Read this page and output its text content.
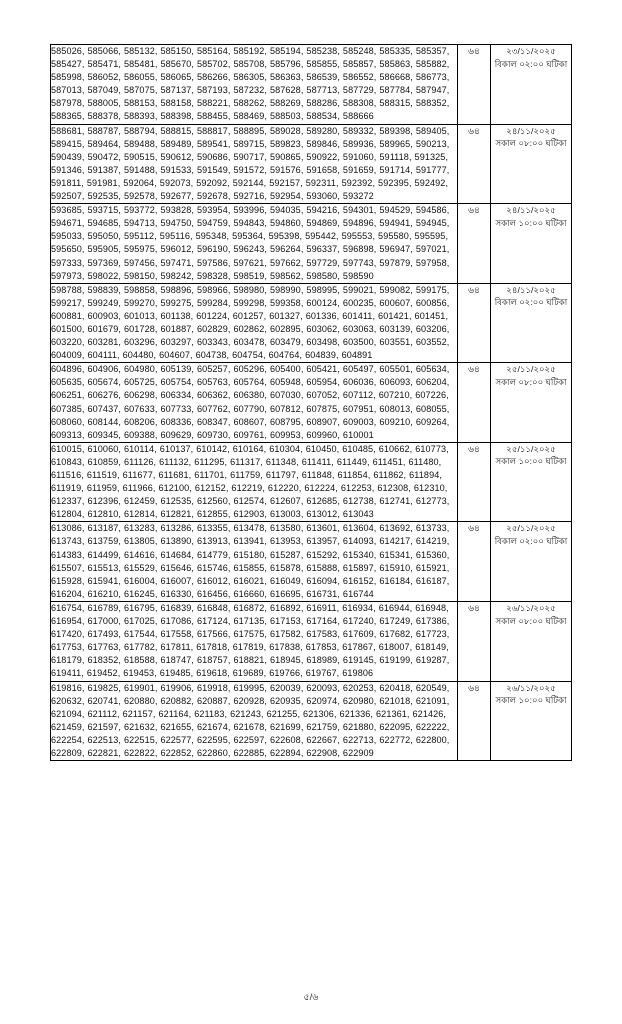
585026, 585066, 585132, 585150, 585164, 585192, 585194, 585238, 585248, 585335, 585357, 585427, 585471, 585481, 585670, 585702, 585708, 585796, 585855, 585857, 585863, 585882, 585998, 586052, 586055, 586065, 586266, 586305, 586363, 586539, 586552, 586668, 586773, 587013, 587049, 587075, 587137, 587193, 587232, 587628, 587713, 587729, 587784, 587947, 587978, 588005, 588153, 588158, 588221, 588262, 588269, 588286, 588308, 588315, 588352, 588365, 588378, 588393, 588398, 588455, 588469, 588503, 588534, 588666	৬৪	২৩/১১/২০২৫
বিকাল ০২:০০ ঘটিকা

588681, 588787, 588794, 588815, 588817, 588895, 589028, 589280, 589332, 589398, 589405, 589415, 589464, 589488, 589489, 589541, 589715, 589823, 589846, 589936, 589965, 590213, 590439, 590472, 590515, 590612, 590686, 590717, 590865, 590922, 591060, 591118, 591325, 591346, 591387, 591488, 591533, 591549, 591572, 591576, 591658, 591659, 591714, 591777, 591811, 591981, 592064, 592073, 592092, 592144, 592157, 592311, 592392, 592395, 592492, 592507, 592535, 592578, 592677, 592678, 592716, 592954, 593060, 593272	৬৪	২৪/১১/২০২৫
সকাল ০৮:০০ ঘটিকা

593685, 593715, 593772, 593828, 593954, 593996, 594035, 594216, 594301, 594529, 594586, 594671, 594685, 594713, 594750, 594759, 594843, 594860, 594869, 594896, 594941, 594945, 595033, 595050, 595112, 595116, 595348, 595364, 595398, 595442, 595553, 595580, 595595, 595650, 595905, 595975, 596012, 596190, 596243, 596264, 596337, 596898, 596947, 597021, 597333, 597369, 597456, 597471, 597586, 597621, 597662, 597729, 597743, 597879, 597958, 597973, 598022, 598150, 598242, 598328, 598519, 598562, 598580, 598590	৬৪	২৪/১১/২০২৫
সকাল ১০:০০ ঘটিকা

598788, 598839, 598858, 598896, 598966, 598980, 598990, 598995, 599021, 599082, 599175, 599217, 599249, 599270, 599275, 599284, 599298, 599358, 600124, 600235, 600607, 600856, 600881, 600903, 601013, 601138, 601224, 601257, 601327, 601336, 601411, 601421, 601451, 601500, 601679, 601728, 601887, 602829, 602862, 602895, 603062, 603063, 603139, 603206, 603220, 603281, 603296, 603297, 603343, 603478, 603479, 603498, 603500, 603551, 603552, 604009, 604111, 604480, 604607, 604738, 604754, 604764, 604839, 604891	৬৪	২৪/১১/২০২৫
বিকাল ০২:০০ ঘটিকা

604896, 604906, 604980, 605139, 605257, 605296, 605400, 605421, 605497, 605501, 605634, 605635, 605674, 605725, 605754, 605763, 605764, 605948, 605954, 606036, 606093, 606204, 606251, 606276, 606298, 606334, 606362, 606380, 607030, 607052, 607112, 607210, 607226, 607385, 607437, 607633, 607733, 607762, 607790, 607812, 607875, 607951, 608013, 608055, 608060, 608144, 608206, 608336, 608347, 608607, 608795, 608907, 609003, 609210, 609264, 609313, 609345, 609388, 609629, 609730, 609761, 609953, 609960, 610001	৬৪	২৫/১১/২০২৫
সকাল ০৮:০০ ঘটিকা

610015, 610060, 610114, 610137, 610142, 610164, 610304, 610450, 610485, 610662, 610773, 610843, 610859, 611126, 611132, 611295, 611317, 611348, 611411, 611449, 611451, 611480, 611516, 611519, 611677, 611681, 611701, 611759, 611797, 611848, 611854, 611862, 611894, 611919, 611959, 611966, 612100, 612152, 612219, 612220, 612224, 612253, 612308, 612310, 612337, 612396, 612459, 612535, 612560, 612574, 612607, 612685, 612738, 612741, 612773, 612804, 612810, 612814, 612821, 612855, 612903, 613003, 613012, 613043	৬৪	২৫/১১/২০২৫
সকাল ১০:০০ ঘটিকা

613086, 613187, 613283, 613286, 613355, 613478, 613580, 613601, 613604, 613692, 613733, 613743, 613759, 613805, 613890, 613913, 613941, 613953, 613957, 614093, 614217, 614219, 614383, 614499, 614616, 614684, 614779, 615180, 615287, 615292, 615340, 615341, 615360, 615507, 615513, 615529, 615646, 615746, 615855, 615878, 615888, 615897, 615910, 615921, 615928, 615941, 616004, 616007, 616012, 616021, 616049, 616094, 616152, 616184, 616187, 616204, 616210, 616245, 616330, 616456, 616660, 616695, 616731, 616744	৬৪	২৫/১১/২০২৫
বিকাল ০২:০০ ঘটিকা

616754, 616789, 616795, 616839, 616848, 616872, 616892, 616911, 616934, 616944, 616948, 616954, 617000, 617025, 617086, 617124, 617135, 617153, 617164, 617240, 617249, 617386, 617420, 617493, 617544, 617558, 617566, 617575, 617582, 617583, 617609, 617682, 617723, 617753, 617763, 617782, 617811, 617818, 617819, 617838, 617853, 617867, 618007, 618149, 618179, 618352, 618588, 618747, 618757, 618821, 618945, 618989, 619145, 619199, 619287, 619411, 619452, 619453, 619485, 619618, 619689, 619766, 619767, 619806	৬৪	২৬/১১/২০২৫
সকাল ০৮:০০ ঘটিকা

619816, 619825, 619901, 619906, 619918, 619995, 620039, 620093, 620253, 620418, 620549, 620632, 620741, 620880, 620882, 620887, 620928, 620935, 620974, 620980, 621018, 621091, 621094, 621112, 621157, 621164, 621183, 621243, 621255, 621306, 621336, 621361, 621426, 621459, 621597, 621632, 621655, 621674, 621678, 621699, 621759, 621880, 622095, 622222, 622254, 622513, 622515, 622577, 622595, 622597, 622608, 622667, 622713, 622772, 622800, 622809, 622821, 622822, 622852, 622860, 622885, 622894, 622908, 622909	৬৪	২৬/১১/২০২৫
সকাল ১০:০০ ঘটিকা
৫/৬
